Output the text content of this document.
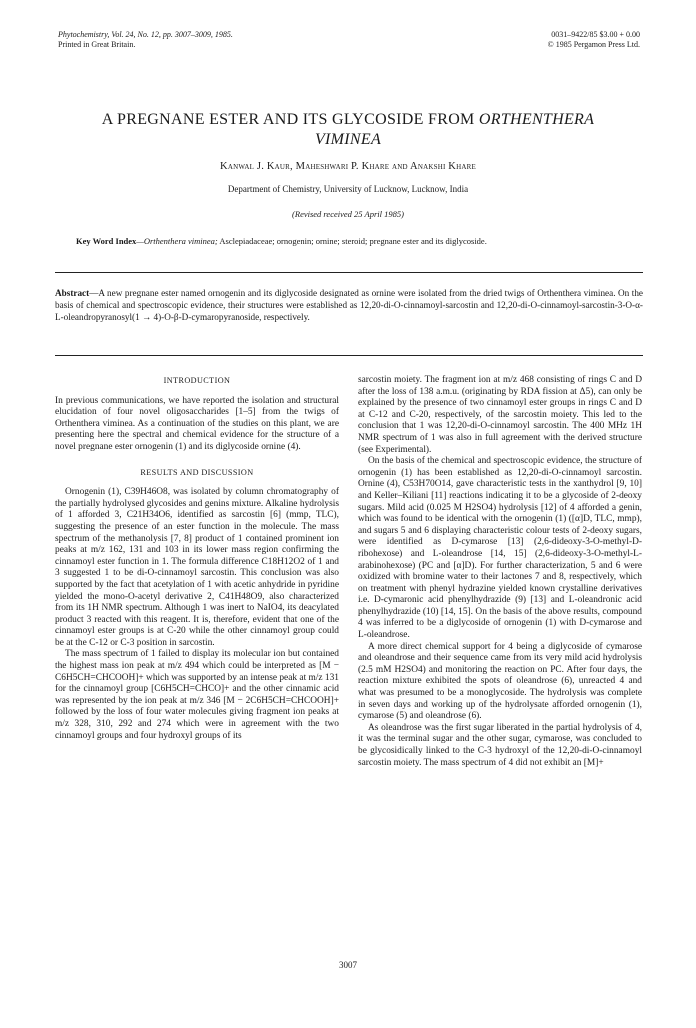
Phytochemistry, Vol. 24, No. 12, pp. 3007–3009, 1985.
Printed in Great Britain.
0031–9422/85 $3.00 + 0.00
© 1985 Pergamon Press Ltd.
A PREGNANE ESTER AND ITS GLYCOSIDE FROM ORTHENTHERA
VIMINEA
Kanwal J. Kaur, Maheshwari P. Khare and Anakshi Khare
Department of Chemistry, University of Lucknow, Lucknow, India
(Revised received 25 April 1985)
Key Word Index—Orthenthera viminea; Asclepiadaceae; ornogenin; ornine; steroid; pregnane ester and its diglycoside.
Abstract—A new pregnane ester named ornogenin and its diglycoside designated as ornine were isolated from the dried twigs of Orthenthera viminea. On the basis of chemical and spectroscopic evidence, their structures were established as 12,20-di-O-cinnamoyl-sarcostin and 12,20-di-O-cinnamoyl-sarcostin-3-O-α-L-oleandropyranosyl(1 → 4)-O-β-D-cymaropyranoside, respectively.
INTRODUCTION

In previous communications, we have reported the isolation and structural elucidation of four novel oligosaccharides [1–5] from the twigs of Orthenthera viminea. As a continuation of the studies on this plant, we are presenting here the spectral and chemical evidence for the structure of a novel pregnane ester ornogenin (1) and its diglycoside ornine (4).

RESULTS AND DISCUSSION

Ornogenin (1), C39H46O8, was isolated by column chromatography of the partially hydrolysed glycosides and genins mixture. Alkaline hydrolysis of 1 afforded 3, C21H34O6, identified as sarcostin [6] (mmp, TLC), suggesting the presence of an ester function in the molecule. The mass spectrum of the methanolysis [7, 8] product of 1 contained prominent ion peaks at m/z 162, 131 and 103 in its lower mass region confirming the cinnamoyl ester function in 1. The formula difference C18H12O2 of 1 and 3 suggested 1 to be di-O-cinnamoyl sarcostin. This conclusion was also supported by the fact that acetylation of 1 with acetic anhydride in pyridine yielded the mono-O-acetyl derivative 2, C41H48O9, also characterized from its 1H NMR spectrum. Although 1 was inert to NaIO4, its deacylated product 3 reacted with this reagent. It is, therefore, evident that one of the cinnamoyl ester groups is at C-20 while the other cinnamoyl group could be at the C-12 or C-3 position in sarcostin.

The mass spectrum of 1 failed to display its molecular ion but contained the highest mass ion peak at m/z 494 which could be interpreted as [M − C6H5CH=CHCOOH]+ which was supported by an intense peak at m/z 131 for the cinnamoyl group [C6H5CH=CHCO]+ and the other cinnamic acid was represented by the ion peak at m/z 346 [M − 2C6H5CH=CHCOOH]+ followed by the loss of four water molecules giving fragment ion peaks at m/z 328, 310, 292 and 274 which were in agreement with the two cinnamoyl groups and four hydroxyl groups of its

sarcostin moiety. The fragment ion at m/z 468 consisting of rings C and D after the loss of 138 a.m.u. (originating by RDA fission at Δ5), can only be explained by the presence of two cinnamoyl ester groups in rings C and D at C-12 and C-20, respectively, of the sarcostin moiety. This led to the conclusion that 1 was 12,20-di-O-cinnamoyl sarcostin. The 400 MHz 1H NMR spectrum of 1 was also in full agreement with the derived structure (see Experimental).

On the basis of the chemical and spectroscopic evidence, the structure of ornogenin (1) has been established as 12,20-di-O-cinnamoyl sarcostin. Ornine (4), C53H70O14, gave characteristic tests in the xanthydrol [9, 10] and Keller–Kiliani [11] reactions indicating it to be a glycoside of 2-deoxy sugars. Mild acid (0.025 M H2SO4) hydrolysis [12] of 4 afforded a genin, which was found to be identical with the ornogenin (1) ([α]D, TLC, mmp), and sugars 5 and 6 displaying characteristic colour tests of 2-deoxy sugars, were identified as D-cymarose [13] (2,6-dideoxy-3-O-methyl-D-ribohexose) and L-oleandrose [14, 15] (2,6-dideoxy-3-O-methyl-L-arabinohexose) (PC and [α]D). For further characterization, 5 and 6 were oxidized with bromine water to their lactones 7 and 8, respectively, which on treatment with phenyl hydrazine yielded known crystalline derivatives i.e. D-cymaronic acid phenylhydrazide (9) [13] and L-oleandronic acid phenylhydrazide (10) [14, 15]. On the basis of the above results, compound 4 was inferred to be a diglycoside of ornogenin (1) with D-cymarose and L-oleandrose.

A more direct chemical support for 4 being a diglycoside of cymarose and oleandrose and their sequence came from its very mild acid hydrolysis (2.5 mM H2SO4) and monitoring the reaction on PC. After four days, the reaction mixture exhibited the spots of oleandrose (6), unreacted 4 and what was presumed to be a monoglycoside. The hydrolysis was complete in seven days and working up of the hydrolysate afforded ornogenin (1), cymarose (5) and oleandrose (6).

As oleandrose was the first sugar liberated in the partial hydrolysis of 4, it was the terminal sugar and the other sugar, cymarose, was concluded to be glycosidically linked to the C-3 hydroxyl of the 12,20-di-O-cinnamoyl sarcostin moiety. The mass spectrum of 4 did not exhibit an [M]+

3007
